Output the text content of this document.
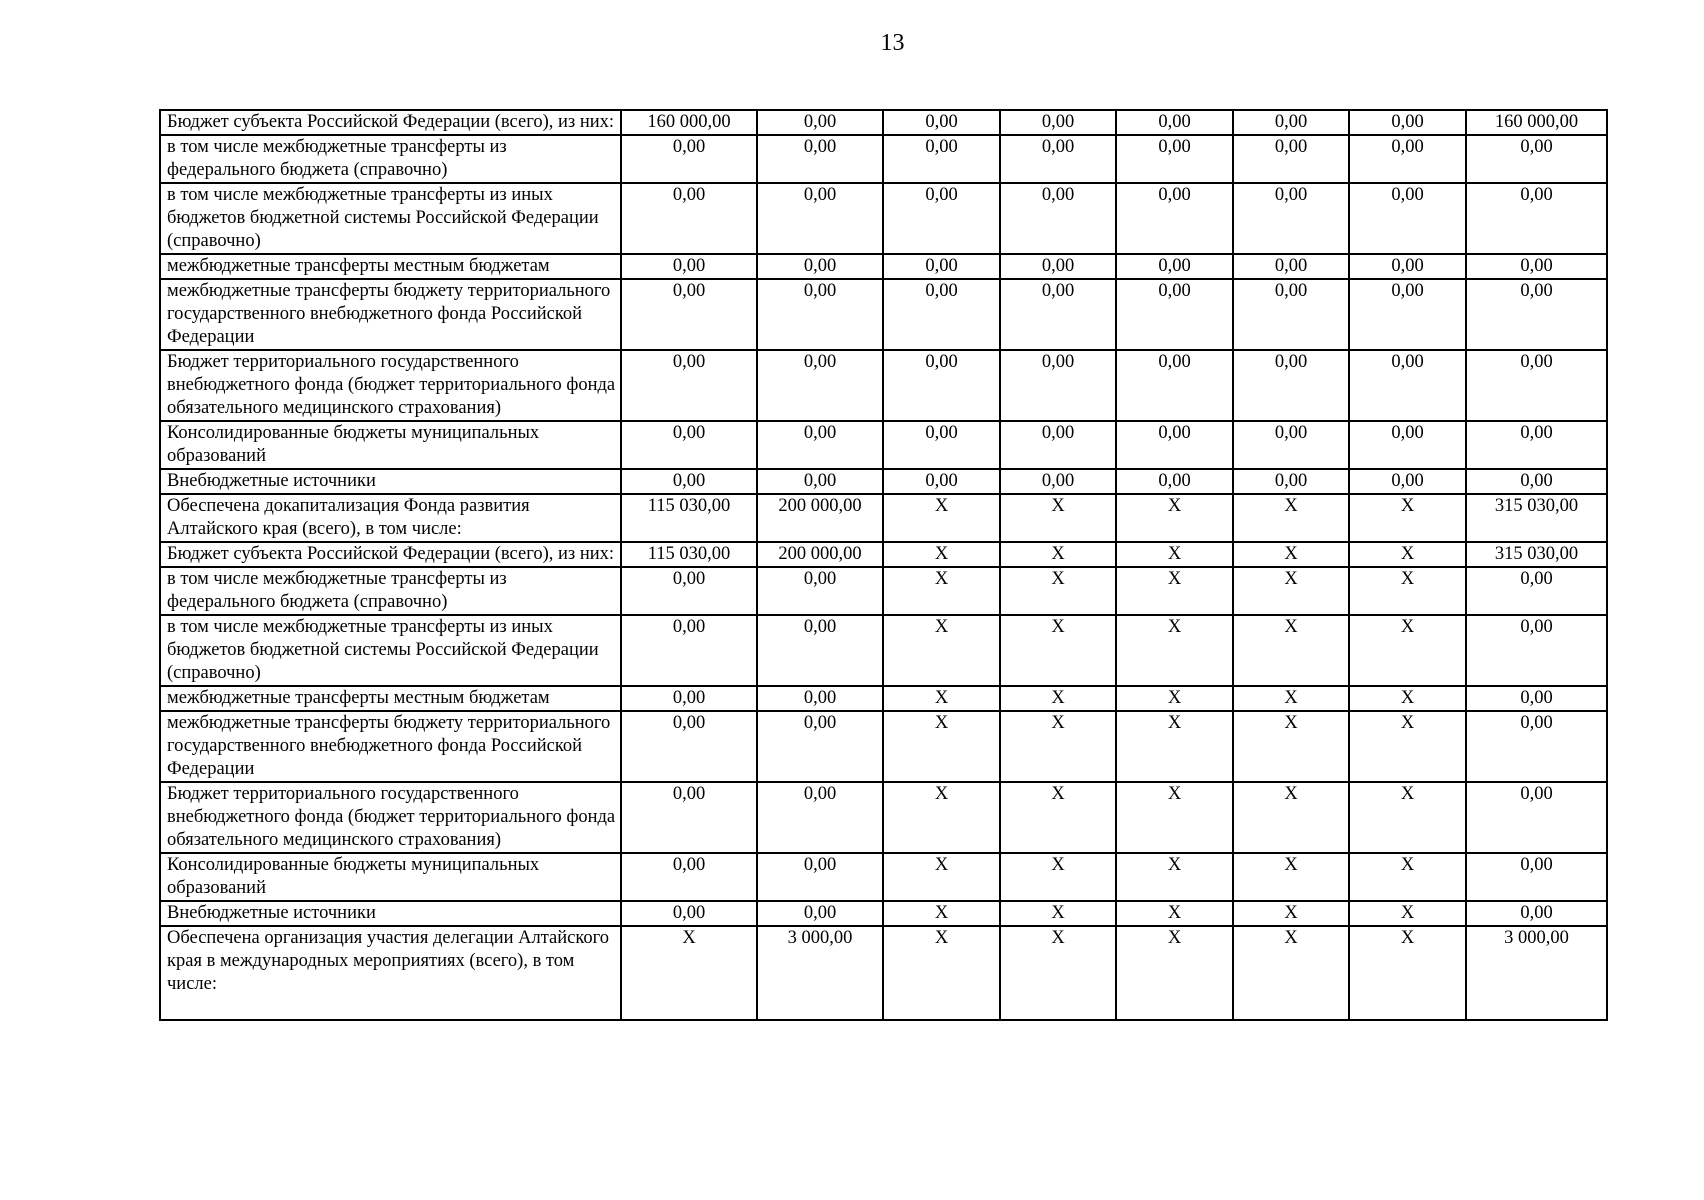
13
Бюджет субъекта Российской Федерации (всего), из них:	160 000,00	0,00	0,00	0,00	0,00	0,00	0,00	160 000,00
в том числе межбюджетные трансферты из федерального бюджета (справочно)	0,00	0,00	0,00	0,00	0,00	0,00	0,00	0,00
в том числе межбюджетные трансферты из иных бюджетов бюджетной системы Российской Федерации (справочно)	0,00	0,00	0,00	0,00	0,00	0,00	0,00	0,00
межбюджетные трансферты местным бюджетам	0,00	0,00	0,00	0,00	0,00	0,00	0,00	0,00
межбюджетные трансферты бюджету территориального государственного внебюджетного фонда Российской Федерации	0,00	0,00	0,00	0,00	0,00	0,00	0,00	0,00
Бюджет территориального государственного внебюджетного фонда (бюджет территориального фонда обязательного медицинского страхования)	0,00	0,00	0,00	0,00	0,00	0,00	0,00	0,00
Консолидированные бюджеты муниципальных образований	0,00	0,00	0,00	0,00	0,00	0,00	0,00	0,00
Внебюджетные источники	0,00	0,00	0,00	0,00	0,00	0,00	0,00	0,00
Обеспечена докапитализация Фонда развития Алтайского края (всего), в том числе:	115 030,00	200 000,00	X	X	X	X	X	315 030,00
Бюджет субъекта Российской Федерации (всего), из них:	115 030,00	200 000,00	X	X	X	X	X	315 030,00
в том числе межбюджетные трансферты из федерального бюджета (справочно)	0,00	0,00	X	X	X	X	X	0,00
в том числе межбюджетные трансферты из иных бюджетов бюджетной системы Российской Федерации (справочно)	0,00	0,00	X	X	X	X	X	0,00
межбюджетные трансферты местным бюджетам	0,00	0,00	X	X	X	X	X	0,00
межбюджетные трансферты бюджету территориального государственного внебюджетного фонда Российской Федерации	0,00	0,00	X	X	X	X	X	0,00
Бюджет территориального государственного внебюджетного фонда (бюджет территориального фонда обязательного медицинского страхования)	0,00	0,00	X	X	X	X	X	0,00
Консолидированные бюджеты муниципальных образований	0,00	0,00	X	X	X	X	X	0,00
Внебюджетные источники	0,00	0,00	X	X	X	X	X	0,00
Обеспечена организация участия делегации Алтайского края в международных мероприятиях (всего), в том числе:	X	3 000,00	X	X	X	X	X	3 000,00
